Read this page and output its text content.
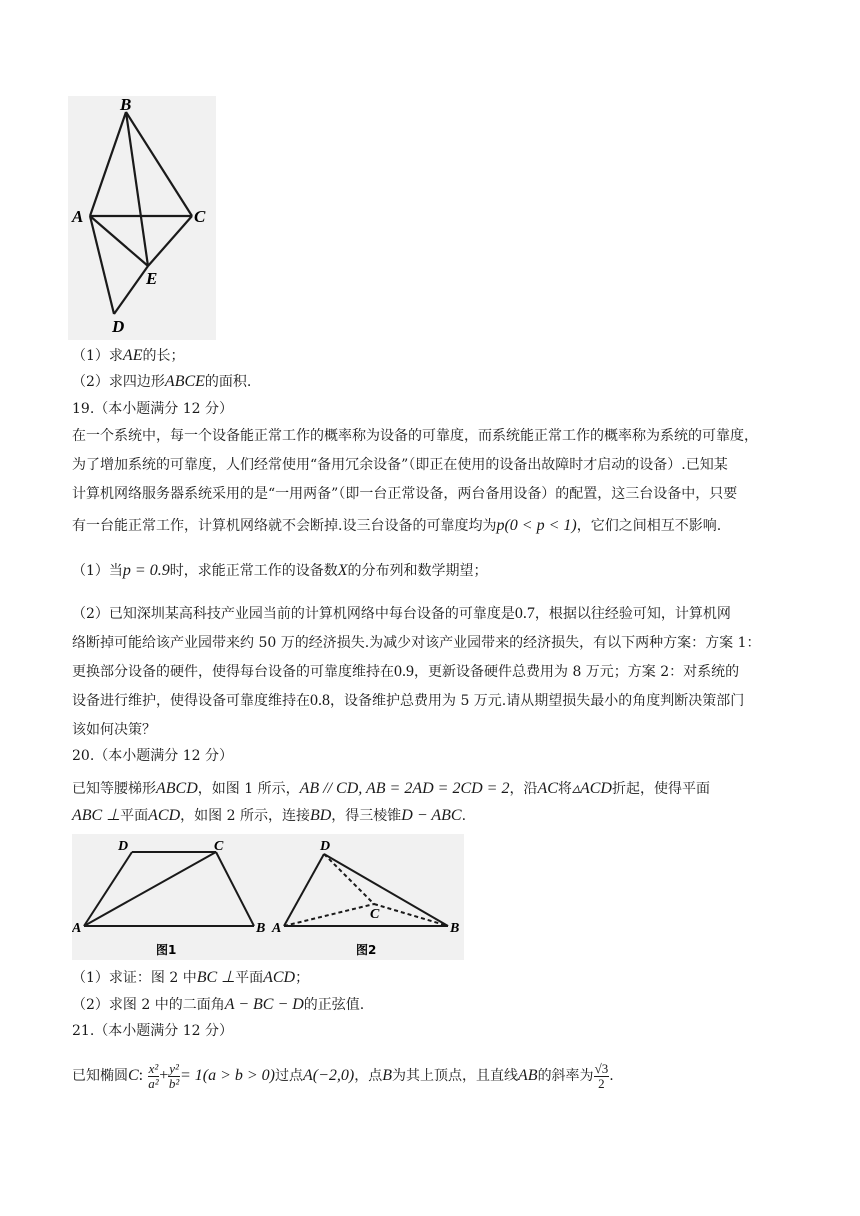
B
A	C
E
D
（1）求AE的长；
（2）求四边形ABCE的面积.
19.（本小题满分 12 分）
在一个系统中，每一个设备能正常工作的概率称为设备的可靠度，而系统能正常工作的概率称为系统的可靠度，
为了增加系统的可靠度，人们经常使用“备用冗余设备”（即正在使用的设备出故障时才启动的设备）.已知某
计算机网络服务器系统采用的是“一用两备”（即一台正常设备，两台备用设备）的配置，这三台设备中，只要
有一台能正常工作，计算机网络就不会断掉.设三台设备的可靠度均为p(0 < p < 1)，它们之间相互不影响.
（1）当p = 0.9时，求能正常工作的设备数X的分布列和数学期望；
（2）已知深圳某高科技产业园当前的计算机网络中每台设备的可靠度是0.7，根据以往经验可知，计算机网
络断掉可能给该产业园带来约 50 万的经济损失.为减少对该产业园带来的经济损失，有以下两种方案：方案 1：
更换部分设备的硬件，使得每台设备的可靠度维持在0.9，更新设备硬件总费用为 8 万元；方案 2：对系统的
设备进行维护，使得设备可靠度维持在0.8，设备维护总费用为 5 万元.请从期望损失最小的角度判断决策部门
该如何决策？
20.（本小题满分 12 分）
已知等腰梯形ABCD，如图 1 所示，AB // CD, AB = 2AD = 2CD = 2，沿AC将▵ACD折起，使得平面
ABC ⊥平面ACD，如图 2 所示，连接BD，得三棱锥D − ABC.
D	C
A	B
图1
D
C
A	B
图2
（1）求证：图 2 中BC ⊥平面ACD；
（2）求图 2 中的二面角A − BC − D的正弦值.
21.（本小题满分 12 分）
已知椭圆C: $\frac{\text{x²}}{\text{a²}} + \frac{\text{y²}}{\text{b²}} = 1(a > b > 0)$过点A(−2,0)，点B为其上顶点，且直线AB的斜率为 $\frac{√3}{2}$ .
